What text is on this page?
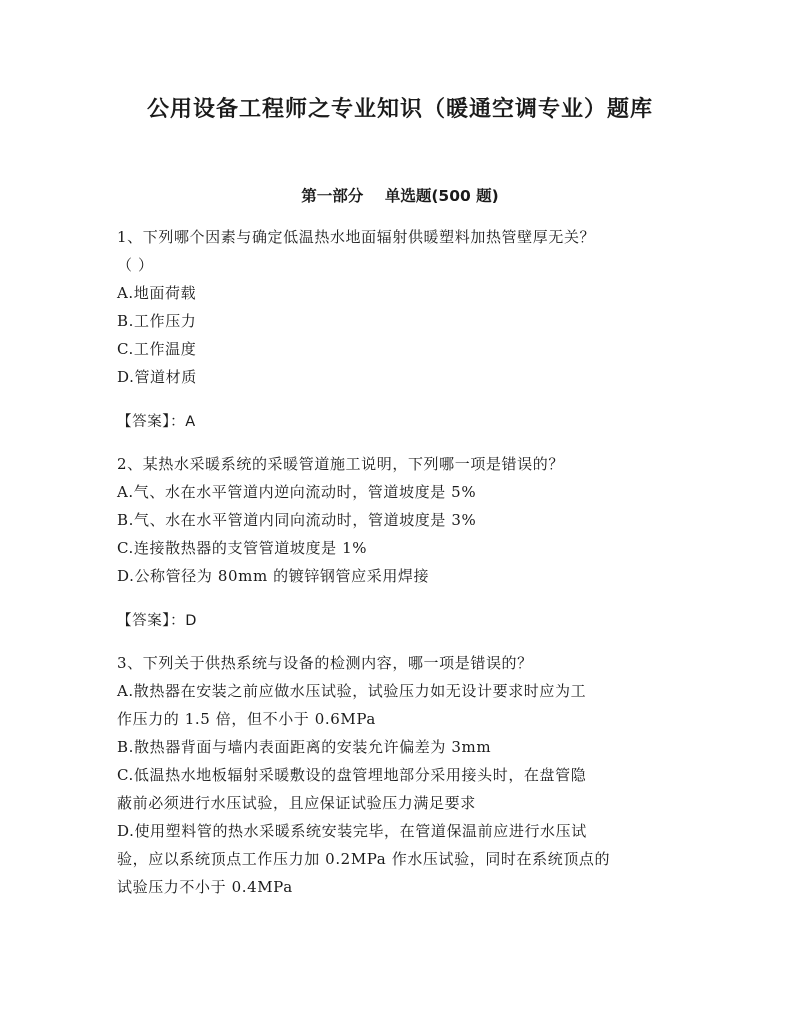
公用设备工程师之专业知识（暖通空调专业）题库
第一部分    单选题(500 题)
1、下列哪个因素与确定低温热水地面辐射供暖塑料加热管壁厚无关？
（ ）
A.地面荷载
B.工作压力
C.工作温度
D.管道材质
【答案】：A
2、某热水采暖系统的采暖管道施工说明，下列哪一项是错误的？
A.气、水在水平管道内逆向流动时，管道坡度是 5%
B.气、水在水平管道内同向流动时，管道坡度是 3%
C.连接散热器的支管管道坡度是 1%
D.公称管径为 80mm 的镀锌钢管应采用焊接
【答案】：D
3、下列关于供热系统与设备的检测内容，哪一项是错误的？
A.散热器在安装之前应做水压试验，试验压力如无设计要求时应为工
作压力的 1.5 倍，但不小于 0.6MPa
B.散热器背面与墙内表面距离的安装允许偏差为 3mm
C.低温热水地板辐射采暖敷设的盘管埋地部分采用接头时，在盘管隐
蔽前必须进行水压试验，且应保证试验压力满足要求
D.使用塑料管的热水采暖系统安装完毕，在管道保温前应进行水压试
验，应以系统顶点工作压力加 0.2MPa 作水压试验，同时在系统顶点的
试验压力不小于 0.4MPa
